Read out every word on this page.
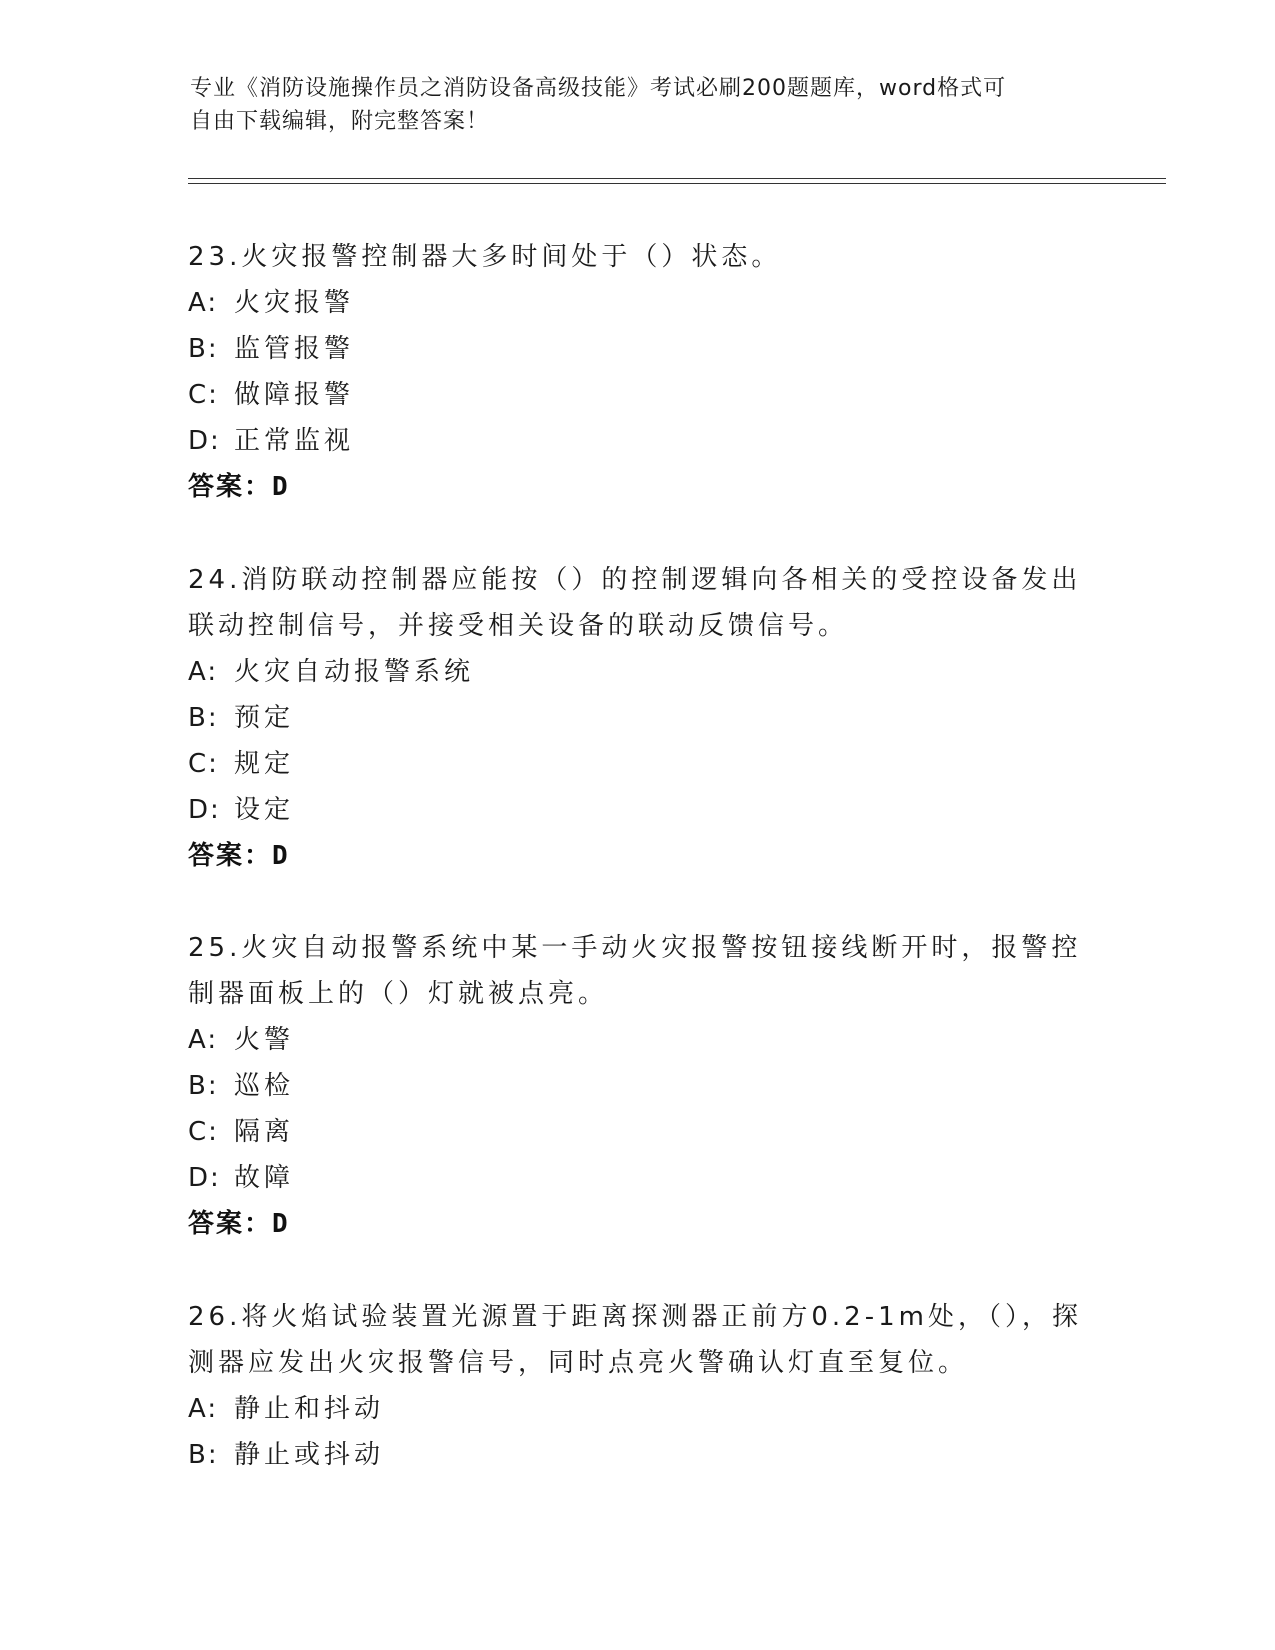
专业《消防设施操作员之消防设备高级技能》考试必刷200题题库，word格式可
自由下载编辑，附完整答案！

23.火灾报警控制器大多时间处于（）状态。

A: 火灾报警
B: 监管报警
C: 做障报警
D: 正常监视
答案：D

24.消防联动控制器应能按（）的控制逻辑向各相关的受控设备发出联动控制信号，并接受相关设备的联动反馈信号。

A: 火灾自动报警系统
B: 预定
C: 规定
D: 设定
答案：D

25.火灾自动报警系统中某一手动火灾报警按钮接线断开时，报警控制器面板上的（）灯就被点亮。

A: 火警
B: 巡检
C: 隔离
D: 故障
答案：D

26.将火焰试验装置光源置于距离探测器正前方0.2-1m处，（），探测器应发出火灾报警信号，同时点亮火警确认灯直至复位。

A: 静止和抖动
B: 静止或抖动
